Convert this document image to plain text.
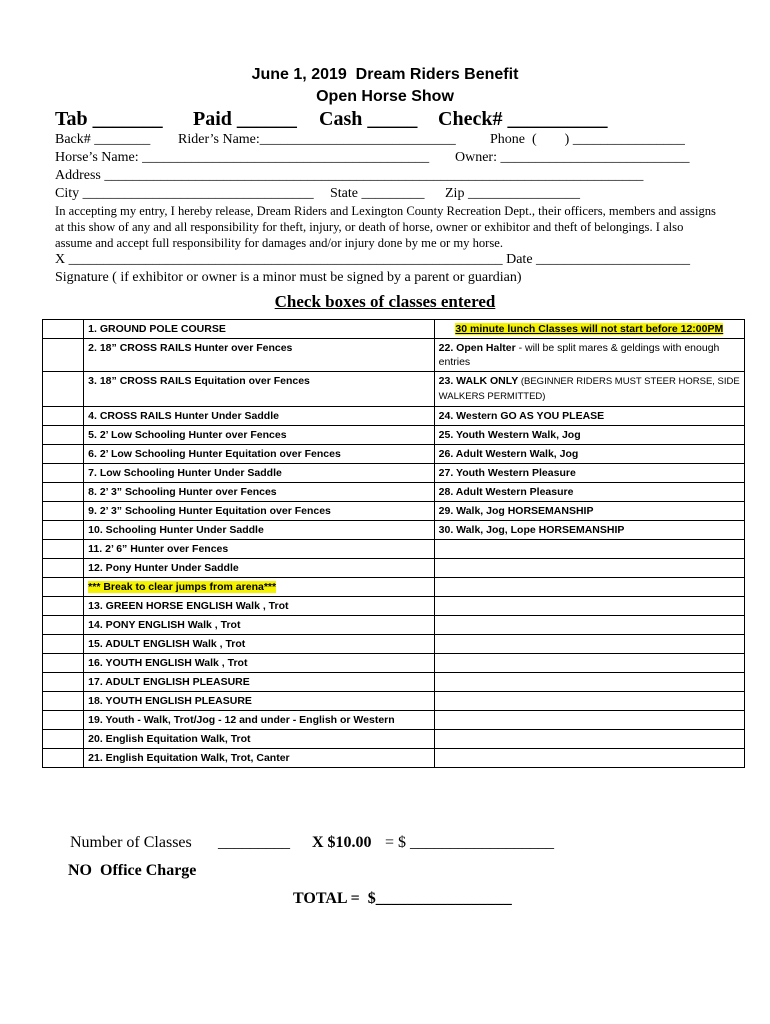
June 1, 2019  Dream Riders Benefit
Open Horse Show

Tab _______

Paid ______

Cash _____

Check# __________

Back# ________ Rider’s Name:____________________________ Phone  (        ) ________________
Horse’s Name: _________________________________________ Owner: ___________________________
Address _____________________________________________________________________________
City _________________________________ State _________ Zip ________________
In accepting my entry, I hereby release, Dream Riders and Lexington County Recreation Dept., their officers, members and assigns at this show of any and all responsibility for theft, injury, or death of horse, owner or exhibitor and theft of belongings. I also assume and accept full responsibility for damages and/or injury done by me or my horse.
X ______________________________________________________________ Date ______________________
Signature ( if exhibitor or owner is a minor must be signed by a parent or guardian)
Check boxes of classes entered
	1. GROUND POLE COURSE	30 minute lunch Classes will not start before 12:00PM
	2. 18” CROSS RAILS Hunter over Fences	22. Open Halter - will be split mares & geldings with enough entries
	3. 18” CROSS RAILS Equitation over Fences	23. WALK ONLY (BEGINNER RIDERS MUST STEER HORSE, SIDE WALKERS PERMITTED)
	4. CROSS RAILS Hunter Under Saddle	24. Western GO AS YOU PLEASE
	5. 2’ Low Schooling Hunter over Fences	25. Youth Western Walk, Jog
	6. 2’ Low Schooling Hunter Equitation over Fences	26. Adult Western Walk, Jog
	7. Low Schooling Hunter Under Saddle	27. Youth Western Pleasure
	8. 2’ 3” Schooling Hunter over Fences	28. Adult Western Pleasure
	9. 2’ 3” Schooling Hunter Equitation over Fences	29. Walk, Jog HORSEMANSHIP
	10. Schooling Hunter Under Saddle	30. Walk, Jog, Lope HORSEMANSHIP
	11. 2’ 6” Hunter over Fences	
	12. Pony Hunter Under Saddle	
	*** Break to clear jumps from arena***	
	13. GREEN HORSE ENGLISH Walk , Trot	
	14. PONY ENGLISH Walk , Trot	
	15. ADULT ENGLISH Walk , Trot	
	16. YOUTH ENGLISH Walk , Trot	
	17. ADULT ENGLISH PLEASURE	
	18. YOUTH ENGLISH PLEASURE	
	19. Youth - Walk, Trot/Jog - 12 and under - English or Western	
	20. English Equitation Walk, Trot	
	21. English Equitation Walk, Trot, Canter	
Number of Classes _________ X $10.00 = $ __________________
NO  Office Charge
TOTAL =  $_________________
